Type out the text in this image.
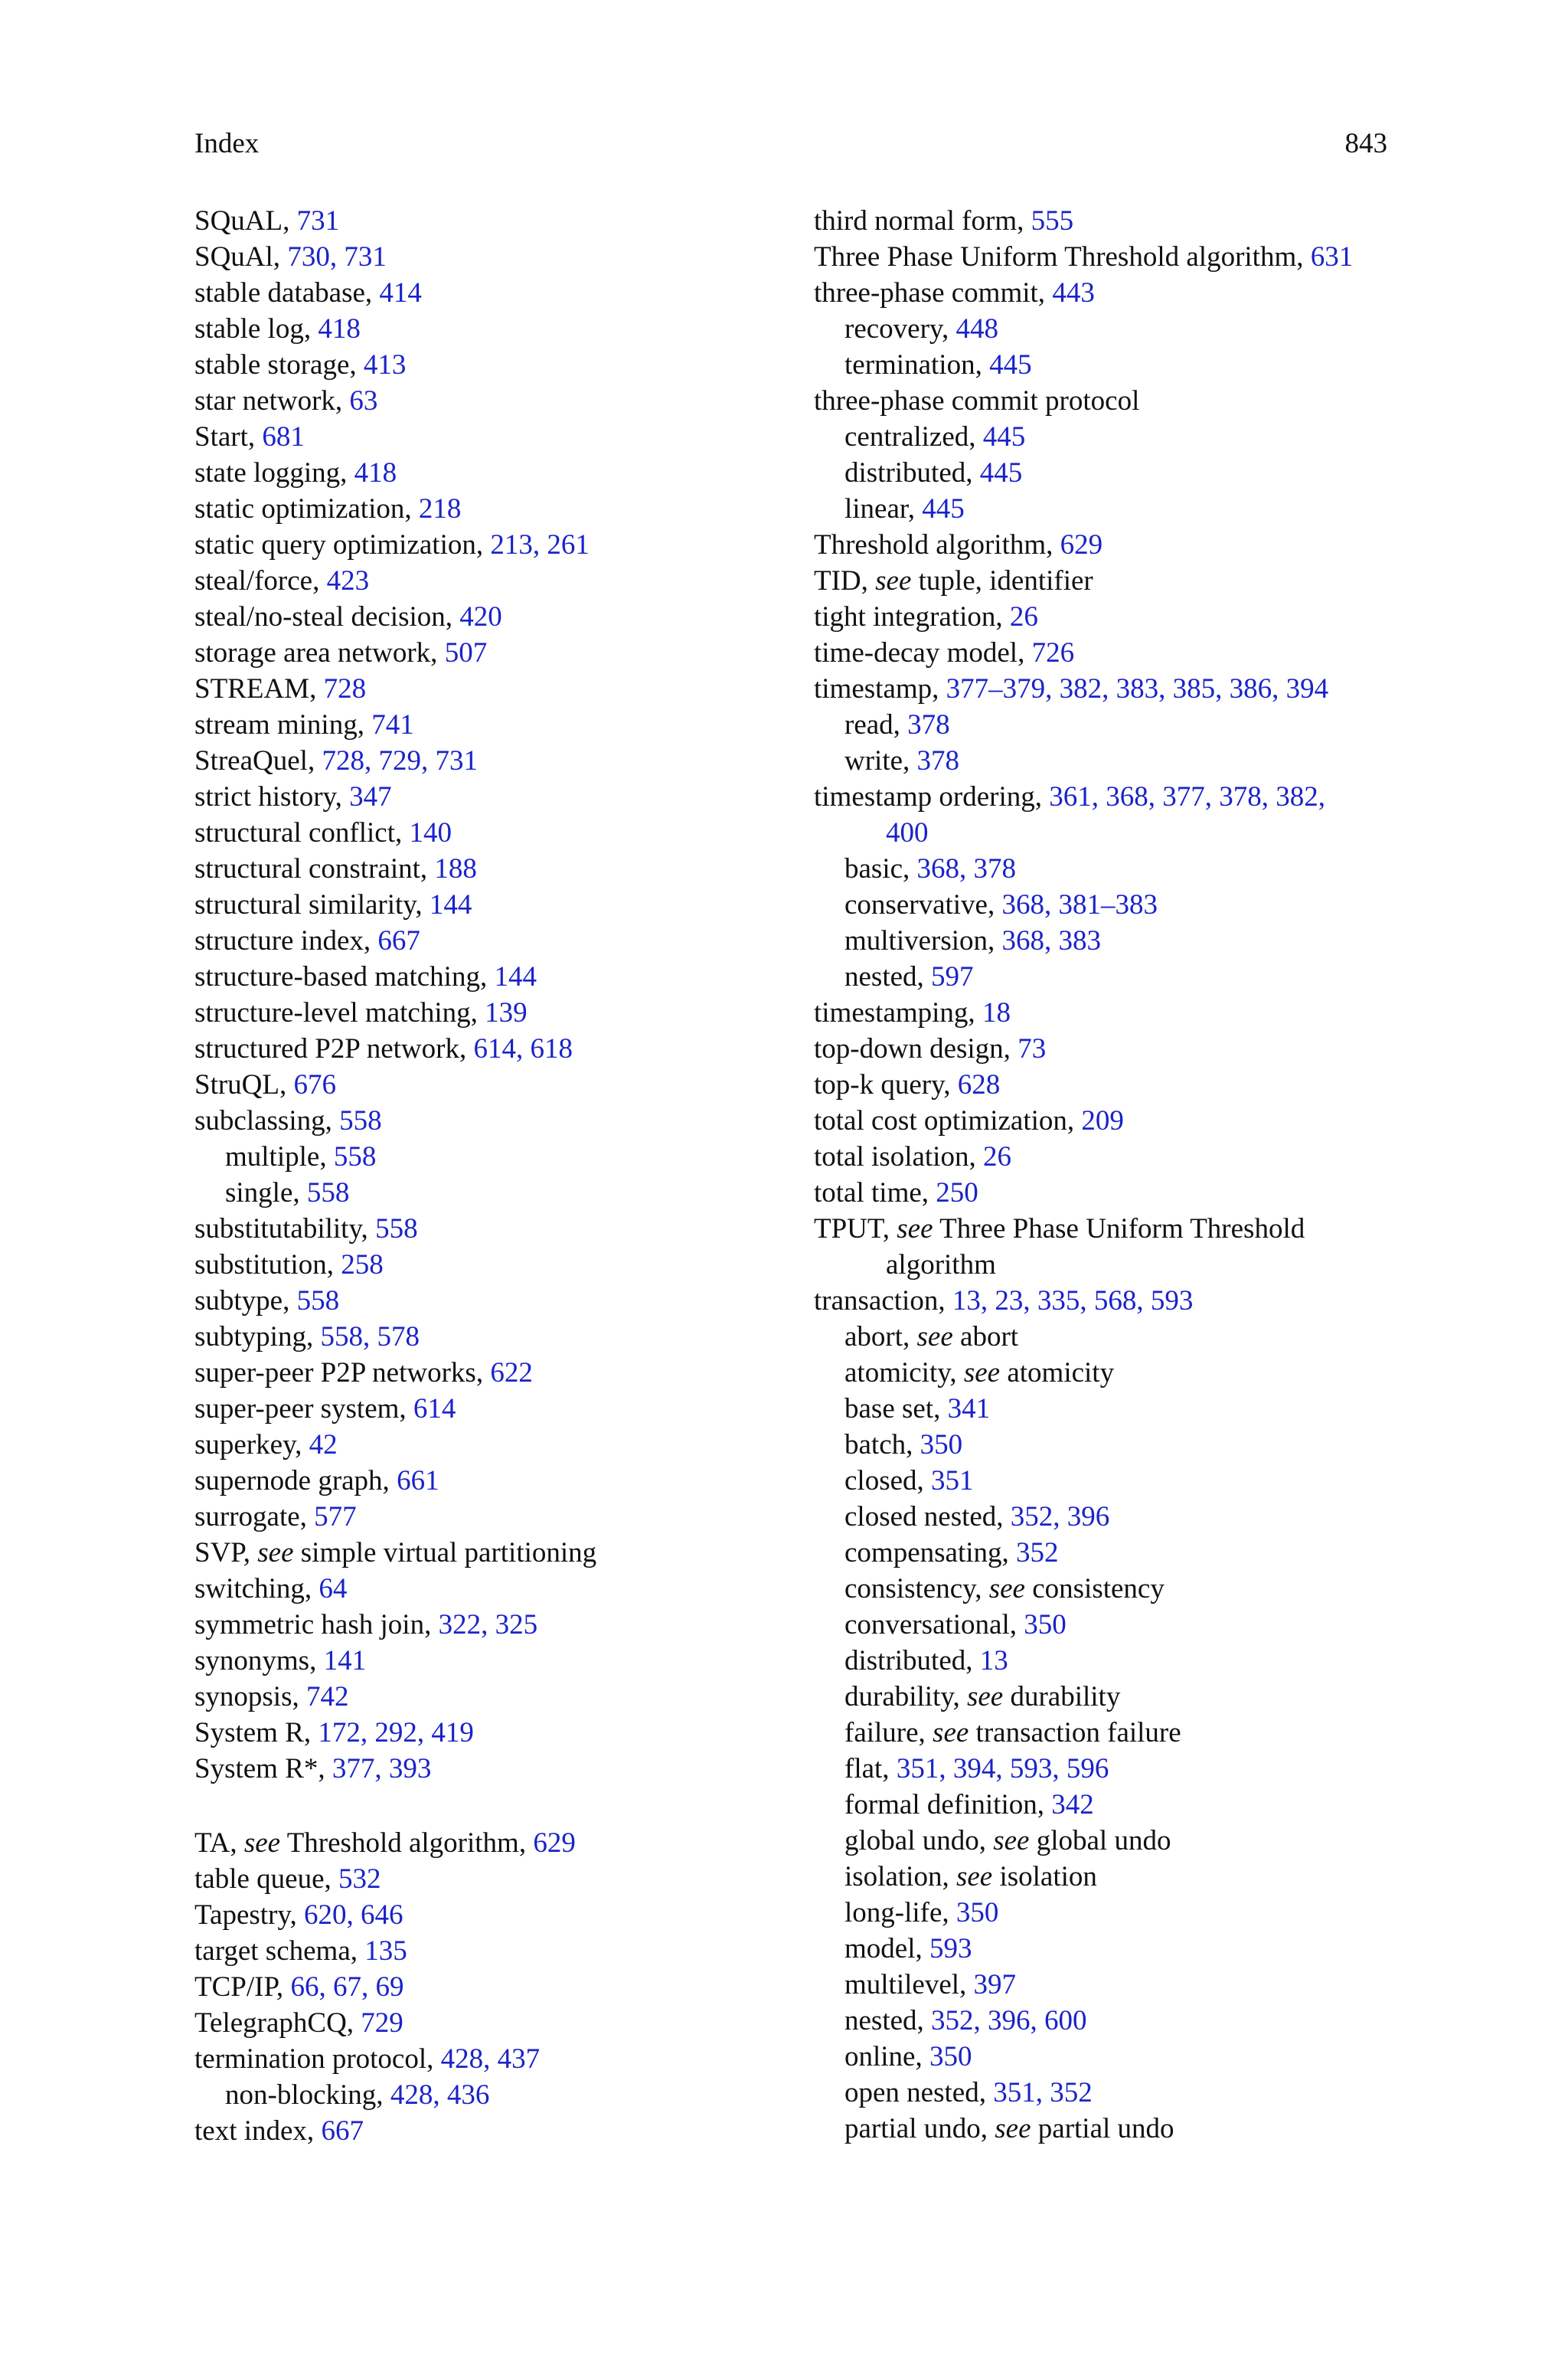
Index	843
SQuAL, 731
SQuAl, 730, 731
stable database, 414
stable log, 418
stable storage, 413
star network, 63
Start, 681
state logging, 418
static optimization, 218
static query optimization, 213, 261
steal/force, 423
steal/no-steal decision, 420
storage area network, 507
STREAM, 728
stream mining, 741
StreaQuel, 728, 729, 731
strict history, 347
structural conflict, 140
structural constraint, 188
structural similarity, 144
structure index, 667
structure-based matching, 144
structure-level matching, 139
structured P2P network, 614, 618
StruQL, 676
subclassing, 558
multiple, 558
single, 558
substitutability, 558
substitution, 258
subtype, 558
subtyping, 558, 578
super-peer P2P networks, 622
super-peer system, 614
superkey, 42
supernode graph, 661
surrogate, 577
SVP, see simple virtual partitioning
switching, 64
symmetric hash join, 322, 325
synonyms, 141
synopsis, 742
System R, 172, 292, 419
System R*, 377, 393
TA, see Threshold algorithm, 629
table queue, 532
Tapestry, 620, 646
target schema, 135
TCP/IP, 66, 67, 69
TelegraphCQ, 729
termination protocol, 428, 437
non-blocking, 428, 436
text index, 667
third normal form, 555
Three Phase Uniform Threshold algorithm, 631
three-phase commit, 443
recovery, 448
termination, 445
three-phase commit protocol
centralized, 445
distributed, 445
linear, 445
Threshold algorithm, 629
TID, see tuple, identifier
tight integration, 26
time-decay model, 726
timestamp, 377–379, 382, 383, 385, 386, 394
read, 378
write, 378
timestamp ordering, 361, 368, 377, 378, 382,
400
basic, 368, 378
conservative, 368, 381–383
multiversion, 368, 383
nested, 597
timestamping, 18
top-down design, 73
top-k query, 628
total cost optimization, 209
total isolation, 26
total time, 250
TPUT, see Three Phase Uniform Threshold
algorithm
transaction, 13, 23, 335, 568, 593
abort, see abort
atomicity, see atomicity
base set, 341
batch, 350
closed, 351
closed nested, 352, 396
compensating, 352
consistency, see consistency
conversational, 350
distributed, 13
durability, see durability
failure, see transaction failure
flat, 351, 394, 593, 596
formal definition, 342
global undo, see global undo
isolation, see isolation
long-life, 350
model, 593
multilevel, 397
nested, 352, 396, 600
online, 350
open nested, 351, 352
partial undo, see partial undo
